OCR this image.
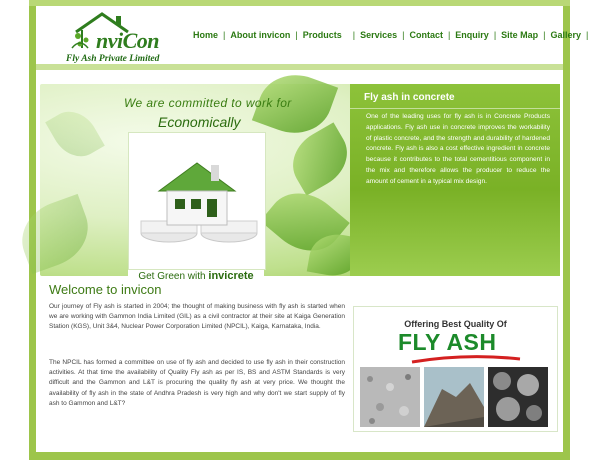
nviCon
Fly Ash Private Limited
Home | About invicon | Products	| Services | Contact | Enquiry | Site Map | Gallery |
We are committed to work for
Economically
Get Green with invicrete
Fly ash in concrete
One of the leading uses for fly ash is in Concrete Products applications. Fly ash use in concrete improves the workability of plastic concrete, and the strength and durability of hardened concrete. Fly ash is also a cost effective ingredient in concrete because it contributes to the total cementitious component in the mix and therefore allows the producer to reduce the amount of cement in a typical mix design.
Welcome to invicon
Our journey of Fly ash is started in 2004; the thought of making business with fly ash is started when we are working with Gammon India Limited (GIL) as a civil contractor at their site at Kaiga Generation Station (KGS), Unit 3&4, Nuclear Power Corporation Limited (NPCIL), Kaiga, Karnataka, India.
The NPCIL has formed a committee on use of fly ash and decided to use fly ash in their construction activities. At that time the availability of Quality Fly ash as per IS, BS and ASTM Standards is very difficult and the Gammon and L&T is procuring the quality fly ash at very price. We thought the availability of fly ash in the state of Andhra Pradesh is very high and why don't we start supply of fly ash to Gammon and L&T?
Offering Best Quality Of
FLY ASH
